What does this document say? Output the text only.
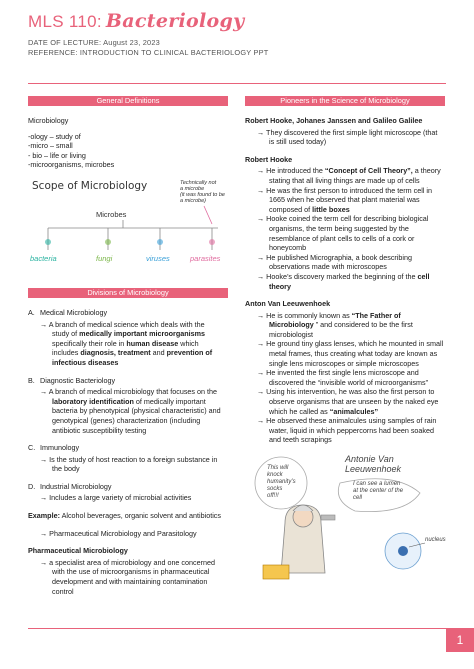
MLS 110: Bacteriology
DATE OF LECTURE: August 23, 2023
REFERENCE: INTRODUCTION TO CLINICAL BACTERIOLOGY PPT
General Definitions
Microbiology
-ology – study of
-micro – small
- bio – life or living
-microorganisms, microbes
Scope of Microbiology	Technically not
a microbe
(it was found to be
a microbe)
Microbes
bacteria	fungi	viruses	parasites
Divisions of Microbiology
A. Medical Microbiology
→ A branch of medical science which deals with the
study of medically important microorganisms
specifically their role in human disease which
includes diagnosis, treatment and prevention of
infectious diseases
B. Diagnostic Bacteriology
→ A branch of medical microbiology that focuses on the
laboratory identification of medically important
bacteria by phenotypical (physical characteristic) and
genotypical (genes) characterization (including
antibiotic susceptibility testing
C. Immunology
→ Is the study of host reaction to a foreign substance in
the body
D. Industrial Microbiology
→ Includes a large variety of microbial activities
Example: Alcohol beverages, organic solvent and antibiotics
→ Pharmaceutical Microbiology and Parasitology
Pharmaceutical Microbiology
→ a specialist area of microbiology and one concerned
with the use of microorganisms in pharmaceutical
development and with maintaining contamination
control
Pioneers in the Science of Microbiology
Robert Hooke, Johanes Janssen and Galileo Galilee
→ They discovered the first simple light microscope (that
is still used today)
Robert Hooke
→ He introduced the “Concept of Cell Theory”, a theory
stating that all living things are made up of cells
→ He was the first person to introduced the term cell in
1665 when he observed that plant material was
composed of little boxes
→ Hooke coined the term cell for describing biological
organisms, the term being suggested by the
resemblance of plant cells to cells of a cork or
honeycomb
→ He published Micrographia, a book describing
observations made with microscopes
→ Hooke’s discovery marked the beginning of the cell
theory
Anton Van Leeuwenhoek
→ He is commonly known as “The Father of
Microbiology ” and considered to be the first
microbiologist
→ He ground tiny glass lenses, which he mounted in small
metal frames, thus creating what today are known as
single lens microscopes or simple microscopes
→ He invented the first single lens microscope and
discovered the “invisible world of microorganisms”
→ Using his intervention, he was also the first person to
observe organisms that are unseen by the naked eye
which he called as “animalcules”
→ He observed these animalcules using samples of rain
water, liquid in which peppercorns had been soaked
and teeth scrapings
Antonie Van Leeuwenhoek
This will
knock
humanity’s
socks
off!!!
I can see a lumen
at the center of the
cell
nucleus
1
